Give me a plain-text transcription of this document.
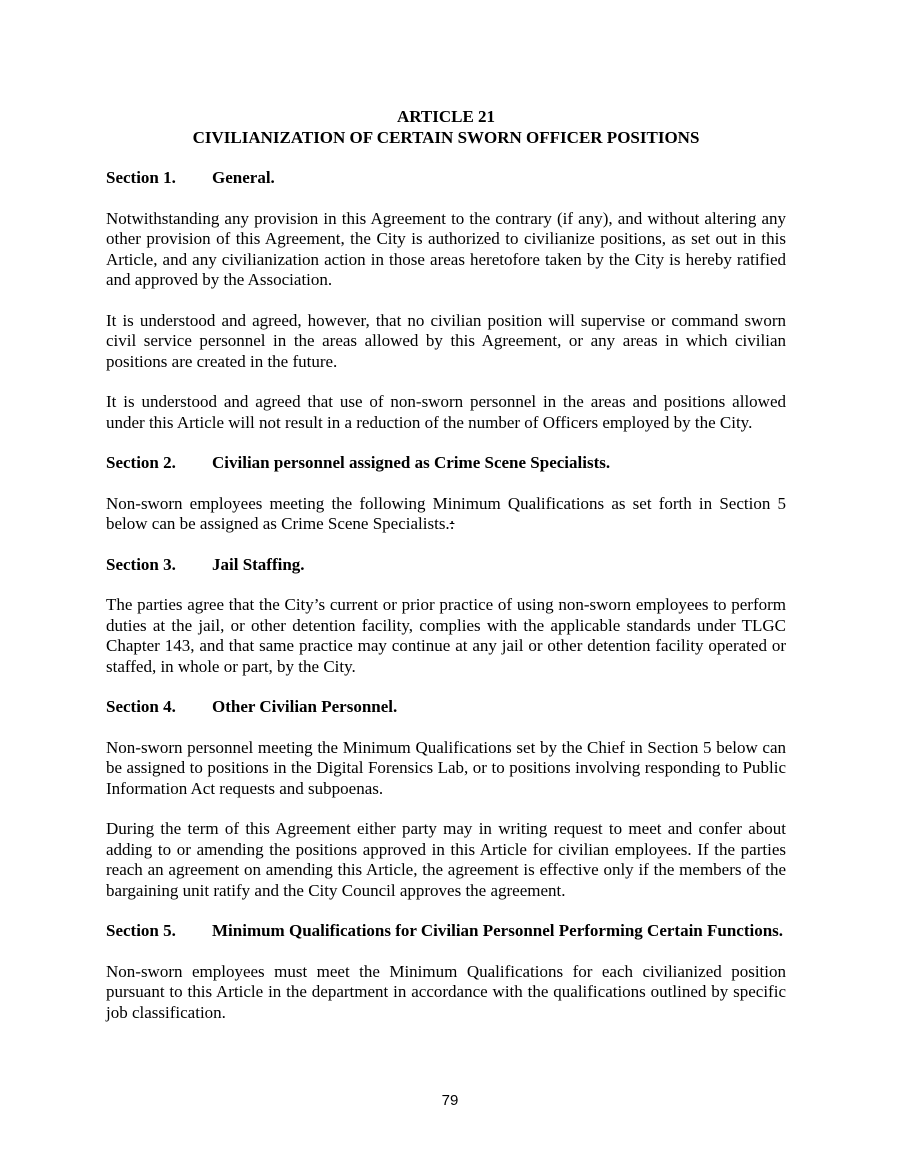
ARTICLE 21

CIVILIANIZATION OF CERTAIN SWORN OFFICER POSITIONS

Section 1. General.

Notwithstanding any provision in this Agreement to the contrary (if any), and without altering any other provision of this Agreement, the City is authorized to civilianize positions, as set out in this Article, and any civilianization action in those areas heretofore taken by the City is hereby ratified and approved by the Association.

It is understood and agreed, however, that no civilian position will supervise or command sworn civil service personnel in the areas allowed by this Agreement, or any areas in which civilian positions are created in the future.

It is understood and agreed that use of non-sworn personnel in the areas and positions allowed under this Article will not result in a reduction of the number of Officers employed by the City.

Section 2. Civilian personnel assigned as Crime Scene Specialists.

Non-sworn employees meeting the following Minimum Qualifications as set forth in Section 5 below can be assigned as Crime Scene Specialists.:

Section 3. Jail Staffing.

The parties agree that the City’s current or prior practice of using non-sworn employees to perform duties at the jail, or other detention facility, complies with the applicable standards under TLGC Chapter 143, and that same practice may continue at any jail or other detention facility operated or staffed, in whole or part, by the City.

Section 4. Other Civilian Personnel.

Non-sworn personnel meeting the Minimum Qualifications set by the Chief in Section 5 below can be assigned to positions in the Digital Forensics Lab, or to positions involving responding to Public Information Act requests and subpoenas.

During the term of this Agreement either party may in writing request to meet and confer about adding to or amending the positions approved in this Article for civilian employees. If the parties reach an agreement on amending this Article, the agreement is effective only if the members of the bargaining unit ratify and the City Council approves the agreement.

Section 5. Minimum Qualifications for Civilian Personnel Performing Certain Functions.

Non-sworn employees must meet the Minimum Qualifications for each civilianized position pursuant to this Article in the department in accordance with the qualifications outlined by specific job classification.

79
